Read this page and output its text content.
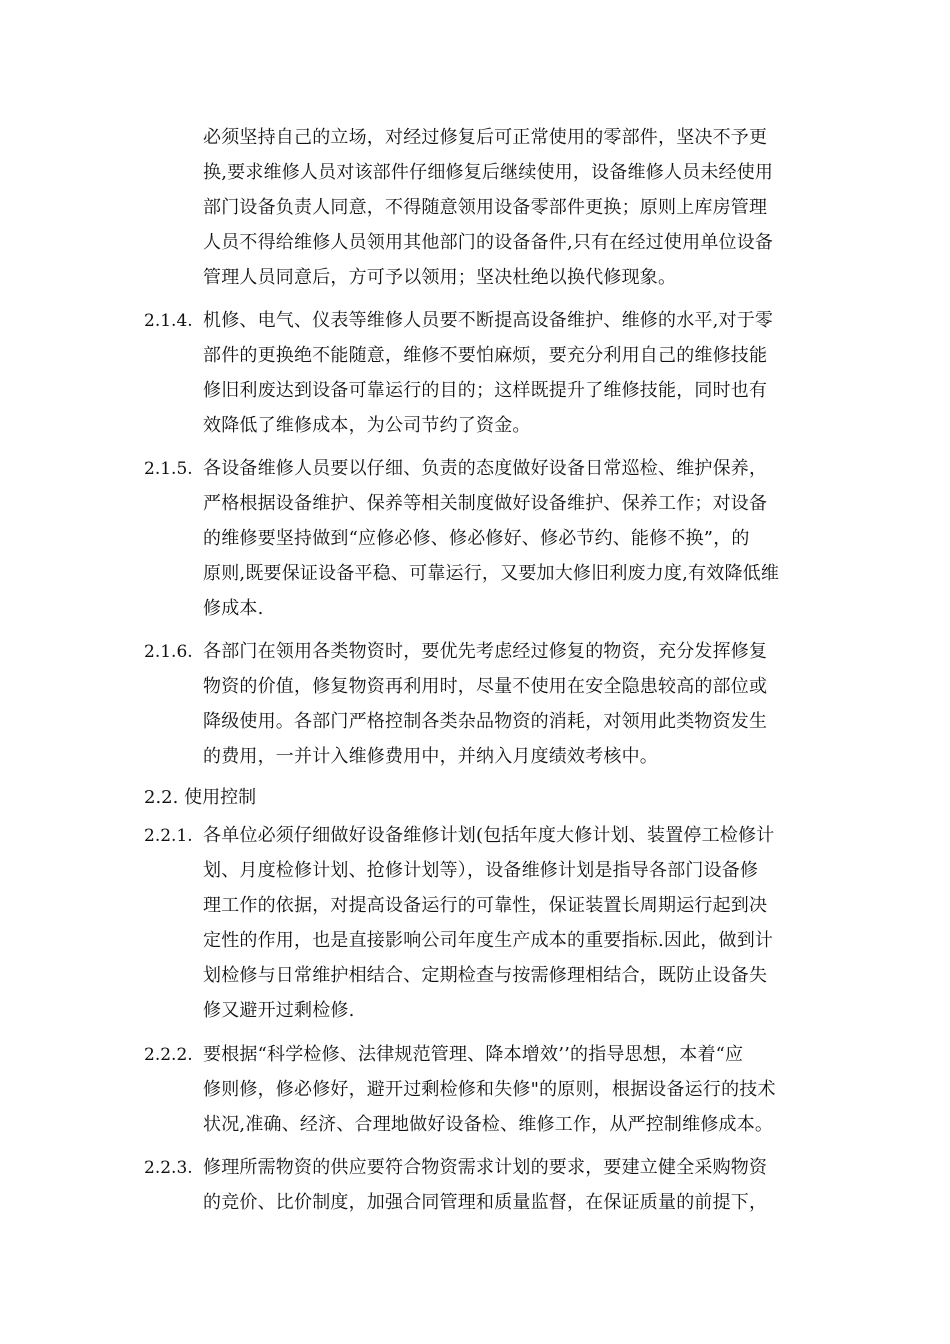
必须坚持自己的立场，对经过修复后可正常使用的零部件，坚决不予更
换,要求维修人员对该部件仔细修复后继续使用，设备维修人员未经使用
部门设备负责人同意，不得随意领用设备零部件更换；原则上库房管理
人员不得给维修人员领用其他部门的设备备件,只有在经过使用单位设备
管理人员同意后，方可予以领用；坚决杜绝以换代修现象。
2.1.4. 机修、电气、仪表等维修人员要不断提高设备维护、维修的水平,对于零
部件的更换绝不能随意，维修不要怕麻烦，要充分利用自己的维修技能
修旧利废达到设备可靠运行的目的；这样既提升了维修技能，同时也有
效降低了维修成本，为公司节约了资金。
2.1.5. 各设备维修人员要以仔细、负责的态度做好设备日常巡检、维护保养，
严格根据设备维护、保养等相关制度做好设备维护、保养工作；对设备
的维修要坚持做到“应修必修、修必修好、修必节约、能修不换”，的
原则,既要保证设备平稳、可靠运行，又要加大修旧利废力度,有效降低维
修成本.
2.1.6. 各部门在领用各类物资时，要优先考虑经过修复的物资，充分发挥修复
物资的价值，修复物资再利用时，尽量不使用在安全隐患较高的部位或
降级使用。各部门严格控制各类杂品物资的消耗，对领用此类物资发生
的费用，一并计入维修费用中，并纳入月度绩效考核中。
2.2. 使用控制
2.2.1. 各单位必须仔细做好设备维修计划(包括年度大修计划、装置停工检修计
划、月度检修计划、抢修计划等），设备维修计划是指导各部门设备修
理工作的依据，对提高设备运行的可靠性，保证装置长周期运行起到决
定性的作用，也是直接影响公司年度生产成本的重要指标.因此，做到计
划检修与日常维护相结合、定期检查与按需修理相结合，既防止设备失
修又避开过剩检修.
2.2.2. 要根据“科学检修、法律规范管理、降本增效’’的指导思想，本着“应
修则修，修必修好，避开过剩检修和失修"的原则，根据设备运行的技术
状况,准确、经济、合理地做好设备检、维修工作，从严控制维修成本。
2.2.3. 修理所需物资的供应要符合物资需求计划的要求，要建立健全采购物资
的竞价、比价制度，加强合同管理和质量监督，在保证质量的前提下，
